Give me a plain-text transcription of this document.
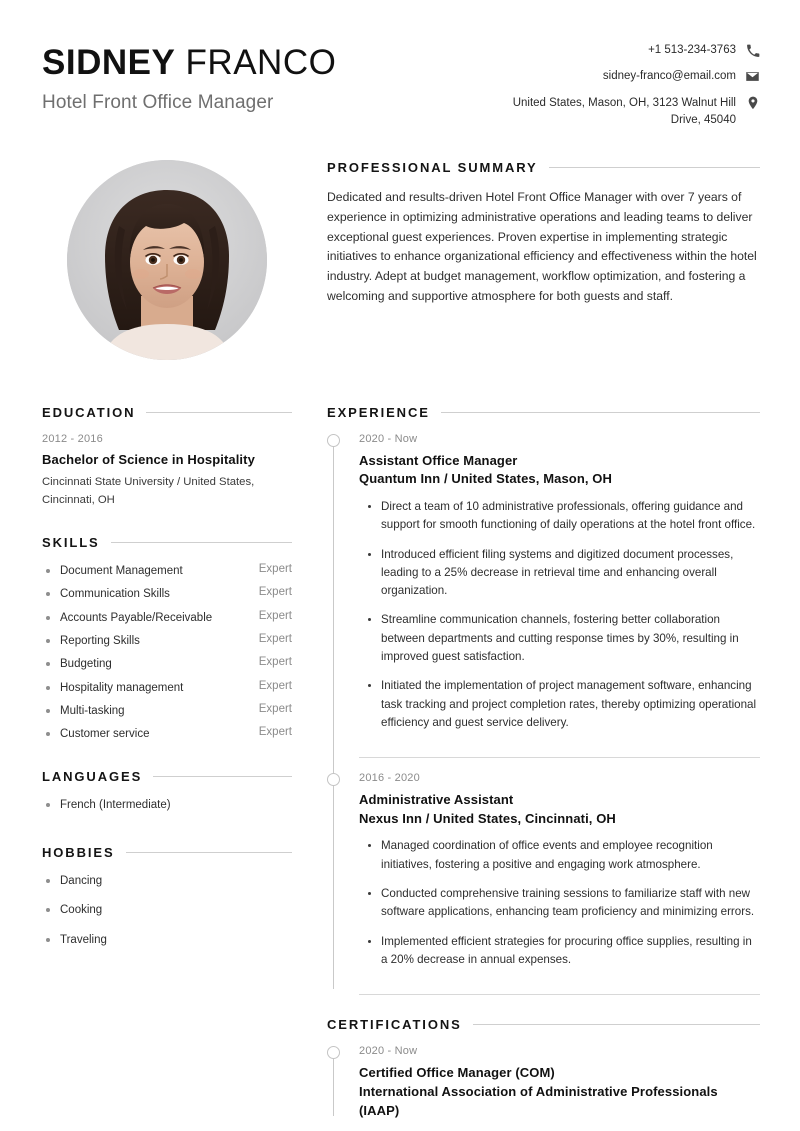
SIDNEY FRANCO
Hotel Front Office Manager
+1 513-234-3763
sidney-franco@email.com
United States, Mason, OH, 3123 Walnut Hill Drive, 45040
PROFESSIONAL SUMMARY
Dedicated and results-driven Hotel Front Office Manager with over 7 years of experience in optimizing administrative operations and leading teams to deliver exceptional guest experiences. Proven expertise in implementing strategic initiatives to enhance organizational efficiency and effectiveness within the hotel industry. Adept at budget management, workflow optimization, and fostering a welcoming and supportive atmosphere for both guests and staff.
EDUCATION
2012 - 2016
Bachelor of Science in Hospitality
Cincinnati State University / United States, Cincinnati, OH
SKILLS
Document Management	Expert
Communication Skills	Expert
Accounts Payable/Receivable	Expert
Reporting Skills	Expert
Budgeting	Expert
Hospitality management	Expert
Multi-tasking	Expert
Customer service	Expert
LANGUAGES
French (Intermediate)
HOBBIES
Dancing
Cooking
Traveling
EXPERIENCE
2020 - Now
Assistant Office Manager
Quantum Inn / United States, Mason, OH
Direct a team of 10 administrative professionals, offering guidance and support for smooth functioning of daily operations at the hotel front office.
Introduced efficient filing systems and digitized document processes, leading to a 25% decrease in retrieval time and enhancing overall organization.
Streamline communication channels, fostering better collaboration between departments and cutting response times by 30%, resulting in improved guest satisfaction.
Initiated the implementation of project management software, enhancing task tracking and project completion rates, thereby optimizing operational efficiency and guest service delivery.
2016 - 2020
Administrative Assistant
Nexus Inn / United States, Cincinnati, OH
Managed coordination of office events and employee recognition initiatives, fostering a positive and engaging work atmosphere.
Conducted comprehensive training sessions to familiarize staff with new software applications, enhancing team proficiency and minimizing errors.
Implemented efficient strategies for procuring office supplies, resulting in a 20% decrease in annual expenses.
CERTIFICATIONS
2020 - Now
Certified Office Manager (COM)
International Association of Administrative Professionals (IAAP)
